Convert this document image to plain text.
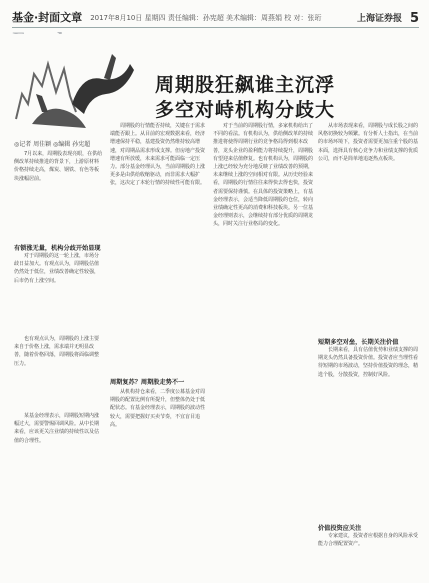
基金·封面文章 2017年8月10日 星期四 责任编辑：孙宪超 美术编辑：周燕娟 校 对：张珩	上海证券报 5
周期股狂飙谁主沉浮
多空对峙机构分歧大
◎记者 周佳颖 ◎编辑 孙宪超

7月以来，周期股表现亮眼，在供给侧改革持续推进的背景下，上游原材料价格持续走高，煤炭、钢铁、有色等板块涨幅居前。

有锁涨无量，机构分歧开始显现

对于周期股的这一轮上涨，市场分歧日益加大。有观点认为，周期股估值仍然处于低位，业绩改善确定性较强，后市仍有上涨空间。

也有观点认为，周期股的上涨主要来自于价格上涨，需求端并无明显改善，随着价格回落，周期股将面临调整压力。

某基金经理表示，周期股短期内涨幅过大，需要警惕回调风险。从中长期来看，应该更关注业绩的持续性以及估值的合理性。

周期股的行情能否持续，关键在于需求端能否跟上。从目前的宏观数据来看，经济增速保持平稳，基建投资仍然维持较高增速，对周期品需求形成支撑。但房地产投资增速有所放缓，未来需求可能面临一定压力。部分基金经理认为，当前周期股的上涨更多是由供给收缩驱动，而非需求大幅扩张，这决定了本轮行情的持续性可能有限。

周期复苏？周期股走势不一

从机构持仓来看，二季度公募基金对周期股的配置比例有所提升，但整体仍处于低配状态。有基金经理表示，周期股的波动性较大，需要把握好买卖节奏，不宜盲目追高。

对于当前的周期股行情，多家机构给出了不同的看法。有机构认为，供给侧改革的持续推进将使得周期行业的竞争格局得到根本改善，龙头企业的盈利能力将持续提升，周期股有望迎来估值修复。也有机构认为，周期股的上涨已经较为充分地反映了业绩改善的预期，未来继续上涨的空间相对有限。从历史经验来看，周期股的行情往往来得快去得也快，投资者需要保持谨慎。在具体的投资策略上，有基金经理表示，会适当降低周期股的仓位，转向业绩确定性更高的消费和科技板块。另一位基金经理则表示，会继续持有部分优质的周期龙头，同时关注行业格局的变化。

从市场表现来看，周期股与成长股之间的风格切换较为频繁。有分析人士指出，在当前的市场环境下，投资者需要更加注重个股的基本面，选择具有核心竞争力和业绩支撑的优质公司，而不是简单地追逐热点板块。

短期多空对垒，长期关注价值

长期来看，具有估值优势和业绩支撑的周期龙头仍然具备投资价值。投资者应当理性看待短期的市场波动，坚持价值投资的理念，精选个股，分散投资，控制好风险。

价值投资应关注

专家建议，投资者应根据自身的风险承受能力合理配置资产。
